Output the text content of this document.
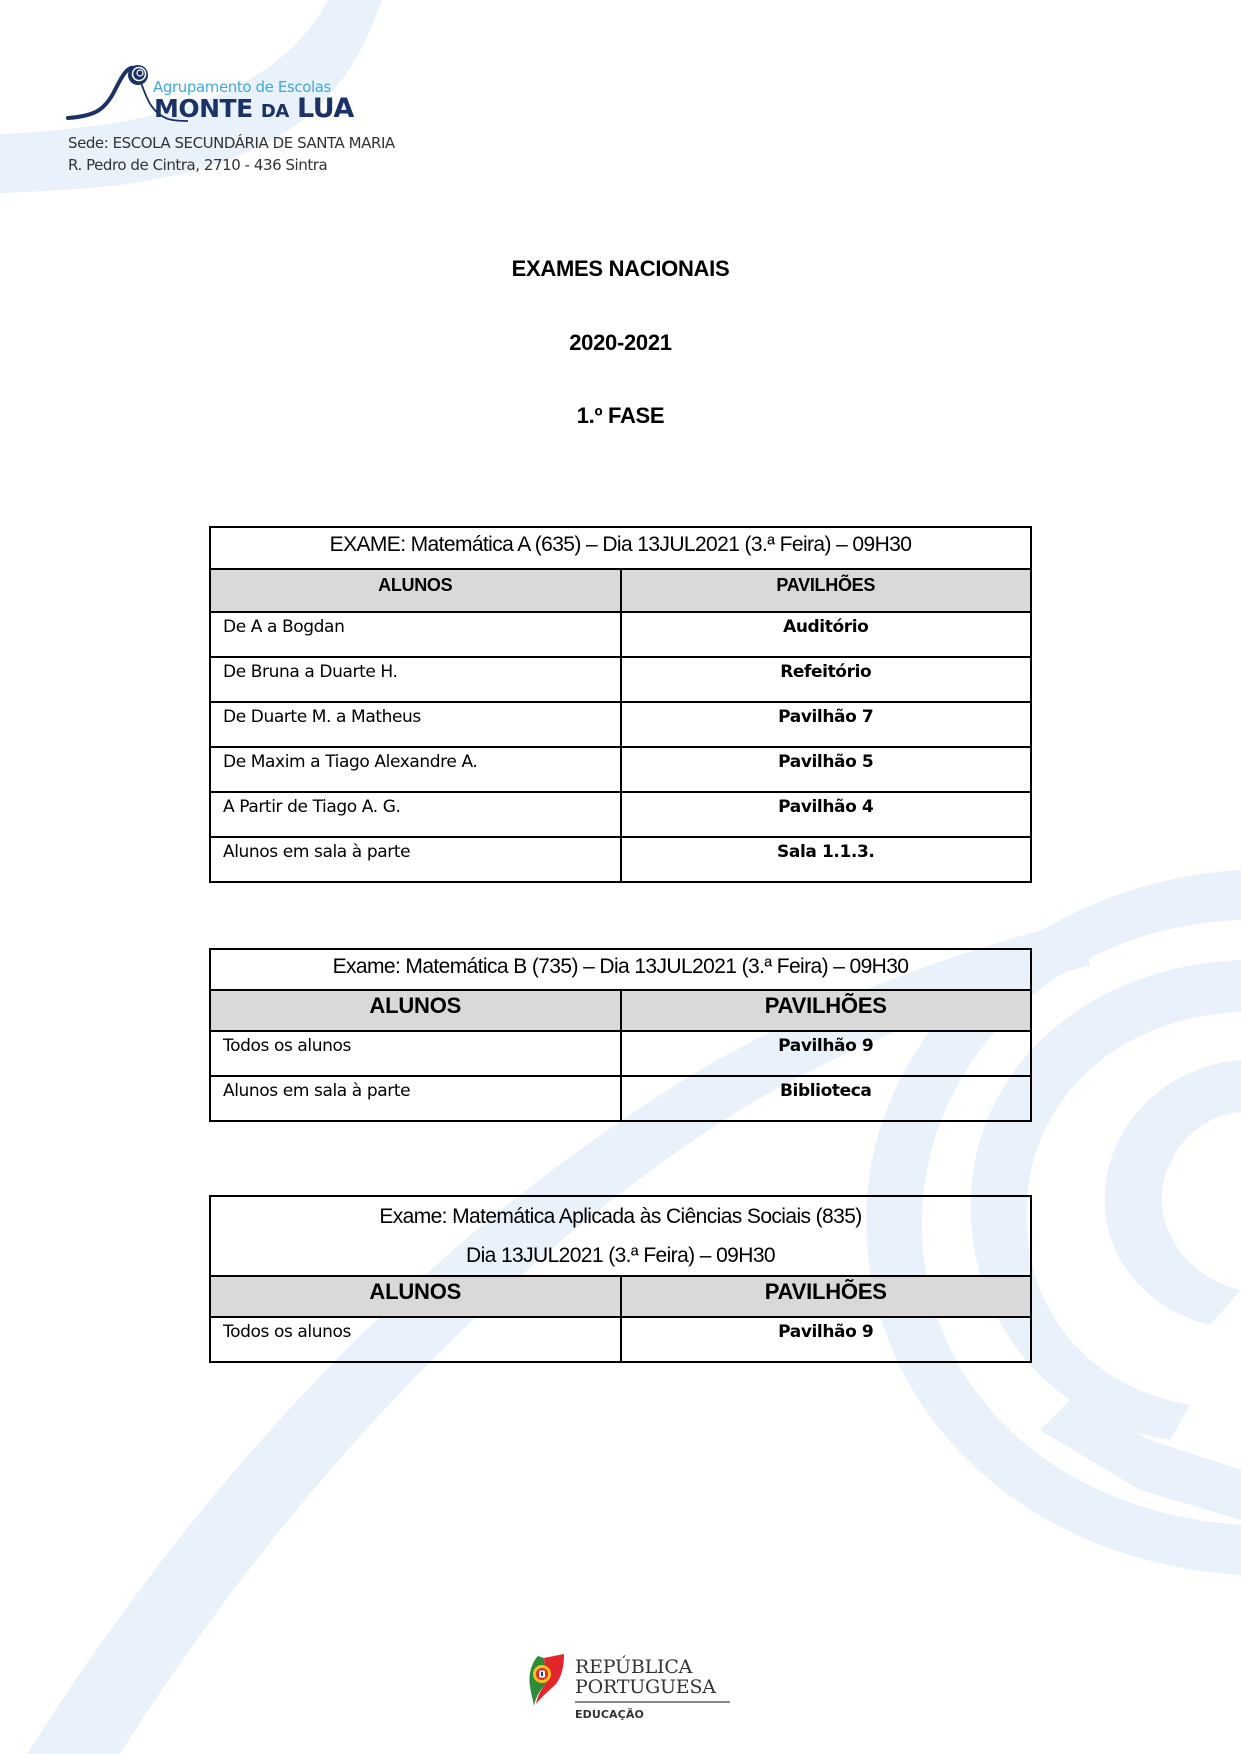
Agrupamento de Escolas
MONTE DA LUA
Sede: ESCOLA SECUNDÁRIA DE SANTA MARIA
R. Pedro de Cintra, 2710 - 436 Sintra
EXAMES NACIONAIS
2020-2021
1.º FASE
EXAME: Matemática A (635) – Dia 13JUL2021 (3.ª Feira) – 09H30	
ALUNOS	PAVILHÕES
De A a Bogdan	Auditório
De Bruna a Duarte H.	Refeitório
De Duarte M. a Matheus	Pavilhão 7
De Maxim a Tiago Alexandre A.	Pavilhão 5
A Partir de Tiago A. G.	Pavilhão 4
Alunos em sala à parte	Sala 1.1.3.
Exame: Matemática B (735) – Dia 13JUL2021 (3.ª Feira) – 09H30	
ALUNOS	PAVILHÕES
Todos os alunos	Pavilhão 9
Alunos em sala à parte	Biblioteca
Exame: Matemática Aplicada às Ciências Sociais (835)
Dia 13JUL2021 (3.ª Feira) – 09H30	

ALUNOS	PAVILHÕES
Todos os alunos	Pavilhão 9
REPÚBLICA
PORTUGUESA
EDUCAÇÃO
